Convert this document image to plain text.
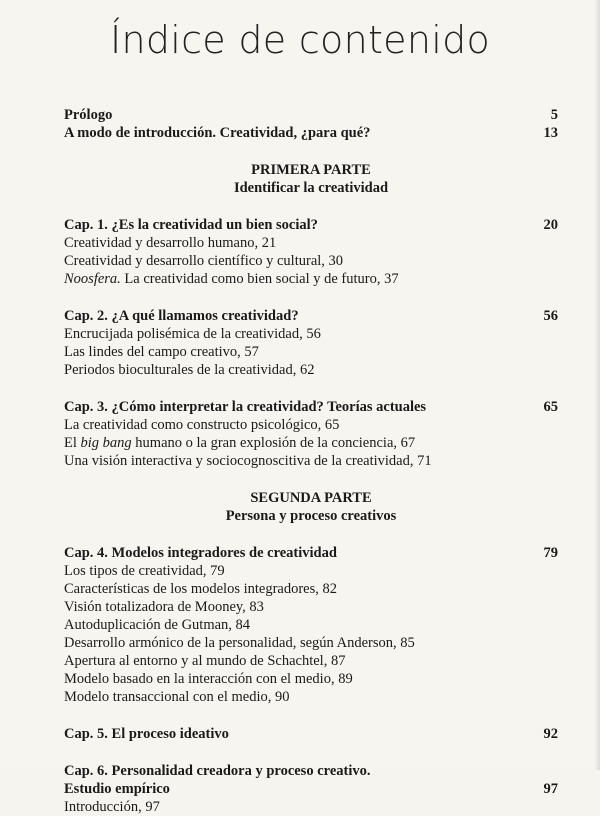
Índice de contenido
Prólogo	5
A modo de introducción. Creatividad, ¿para qué?	13
PRIMERA PARTE
Identificar la creatividad
Cap. 1. ¿Es la creatividad un bien social?	20
Creatividad y desarrollo humano, 21
Creatividad y desarrollo científico y cultural, 30
Noosfera. La creatividad como bien social y de futuro, 37
Cap. 2. ¿A qué llamamos creatividad?	56
Encrucijada polisémica de la creatividad, 56
Las lindes del campo creativo, 57
Periodos bioculturales de la creatividad, 62
Cap. 3. ¿Cómo interpretar la creatividad? Teorías actuales	65
La creatividad como constructo psicológico, 65
El big bang humano o la gran explosión de la conciencia, 67
Una visión interactiva y sociocognoscitiva de la creatividad, 71
SEGUNDA PARTE
Persona y proceso creativos
Cap. 4. Modelos integradores de creatividad	79
Los tipos de creatividad, 79
Características de los modelos integradores, 82
Visión totalizadora de Mooney, 83
Autoduplicación de Gutman, 84
Desarrollo armónico de la personalidad, según Anderson, 85
Apertura al entorno y al mundo de Schachtel, 87
Modelo basado en la interacción con el medio, 89
Modelo transaccional con el medio, 90
Cap. 5. El proceso ideativo	92
Cap. 6. Personalidad creadora y proceso creativo.
Estudio empírico	97
Introducción, 97
